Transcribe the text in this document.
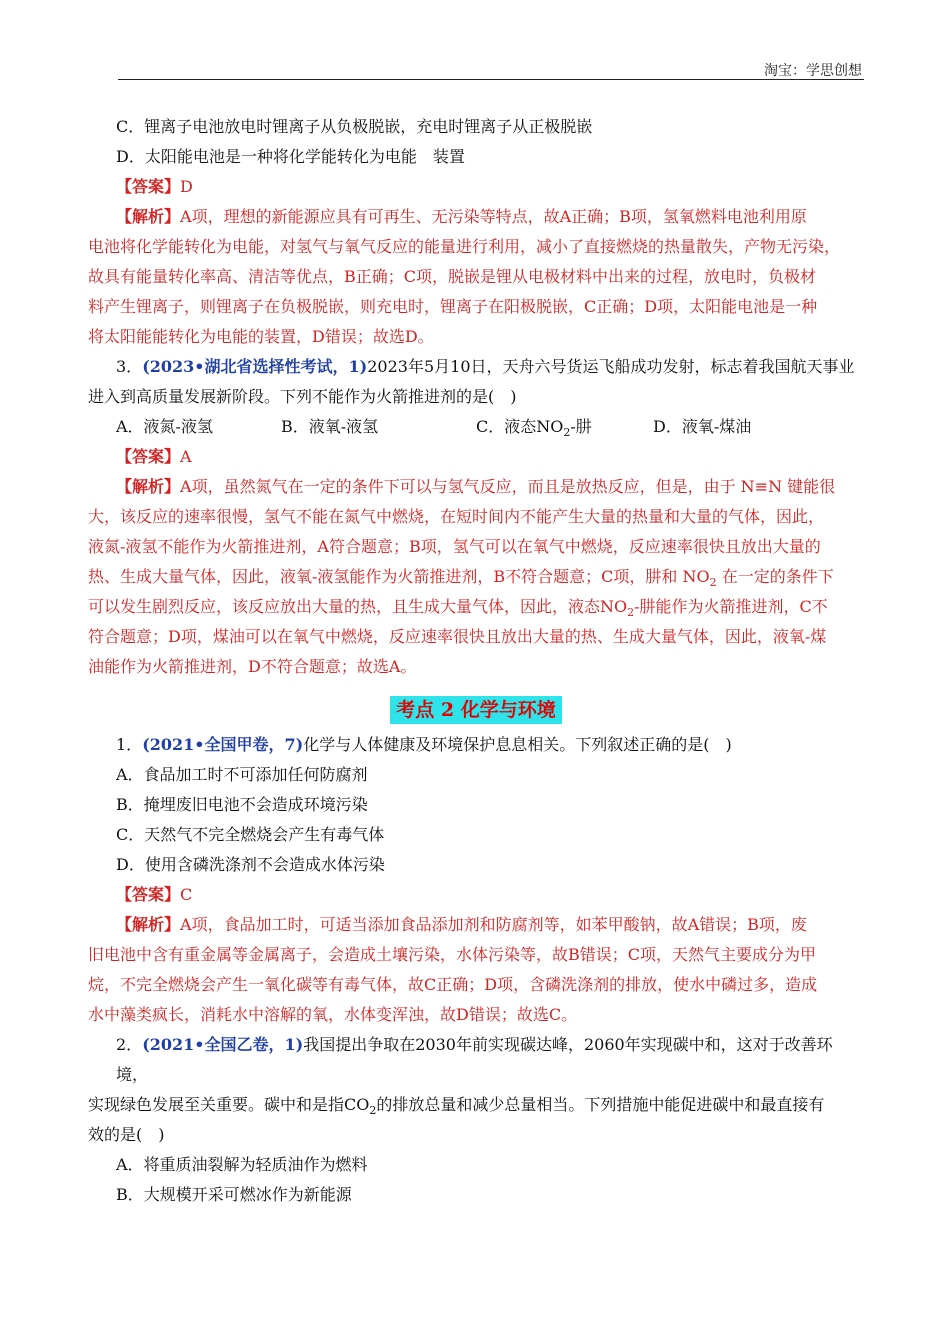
淘宝：学思创想

C．锂离子电池放电时锂离子从负极脱嵌，充电时锂离子从正极脱嵌

D．太阳能电池是一种将化学能转化为电能　装置

【答案】D

【解析】A项，理想的新能源应具有可再生、无污染等特点，故A正确；B项，氢氧燃料电池利用原

电池将化学能转化为电能，对氢气与氧气反应的能量进行利用，减小了直接燃烧的热量散失，产物无污染，

故具有能量转化率高、清洁等优点，B正确；C项，脱嵌是锂从电极材料中出来的过程，放电时，负极材

料产生锂离子，则锂离子在负极脱嵌，则充电时，锂离子在阳极脱嵌，C正确；D项，太阳能电池是一种

将太阳能能转化为电能的装置，D错误；故选D。

3．(2023•湖北省选择性考试，1)2023年5月10日，天舟六号货运飞船成功发射，标志着我国航天事业

进入到高质量发展新阶段。下列不能作为火箭推进剂的是(　)

A．液氮-液氢	B．液氧-液氢	C．液态$NO_2-$肼	D．液氧-煤油

【答案】A

【解析】A项，虽然氮气在一定的条件下可以与氢气反应，而且是放热反应，但是，由于 N≡N 键能很

大，该反应的速率很慢，氢气不能在氮气中燃烧，在短时间内不能产生大量的热量和大量的气体，因此，

液氮-液氢不能作为火箭推进剂，A符合题意；B项，氢气可以在氧气中燃烧，反应速率很快且放出大量的

热、生成大量气体，因此，液氧-液氢能作为火箭推进剂，B不符合题意；C项，肼和 $NO_2$ 在一定的条件下

可以发生剧烈反应，该反应放出大量的热，且生成大量气体，因此，液态$NO_2-$肼能作为火箭推进剂，C不

符合题意；D项，煤油可以在氧气中燃烧，反应速率很快且放出大量的热、生成大量气体，因此，液氧-煤

油能作为火箭推进剂，D不符合题意；故选A。

考点 2 化学与环境

1．(2021•全国甲卷，7)化学与人体健康及环境保护息息相关。下列叙述正确的是(　)

A．食品加工时不可添加任何防腐剂

B．掩埋废旧电池不会造成环境污染

C．天然气不完全燃烧会产生有毒气体

D．使用含磷洗涤剂不会造成水体污染

【答案】C

【解析】A项，食品加工时，可适当添加食品添加剂和防腐剂等，如苯甲酸钠，故A错误；B项，废

旧电池中含有重金属等金属离子，会造成土壤污染，水体污染等，故B错误；C项，天然气主要成分为甲

烷，不完全燃烧会产生一氧化碳等有毒气体，故C正确；D项，含磷洗涤剂的排放，使水中磷过多，造成

水中藻类疯长，消耗水中溶解的氧，水体变浑浊，故D错误；故选C。

2．(2021•全国乙卷，1)我国提出争取在2030年前实现碳达峰，2060年实现碳中和，这对于改善环境，

实现绿色发展至关重要。碳中和是指$CO_2$的排放总量和减少总量相当。下列措施中能促进碳中和最直接有

效的是(　)

A．将重质油裂解为轻质油作为燃料

B．大规模开采可燃冰作为新能源
